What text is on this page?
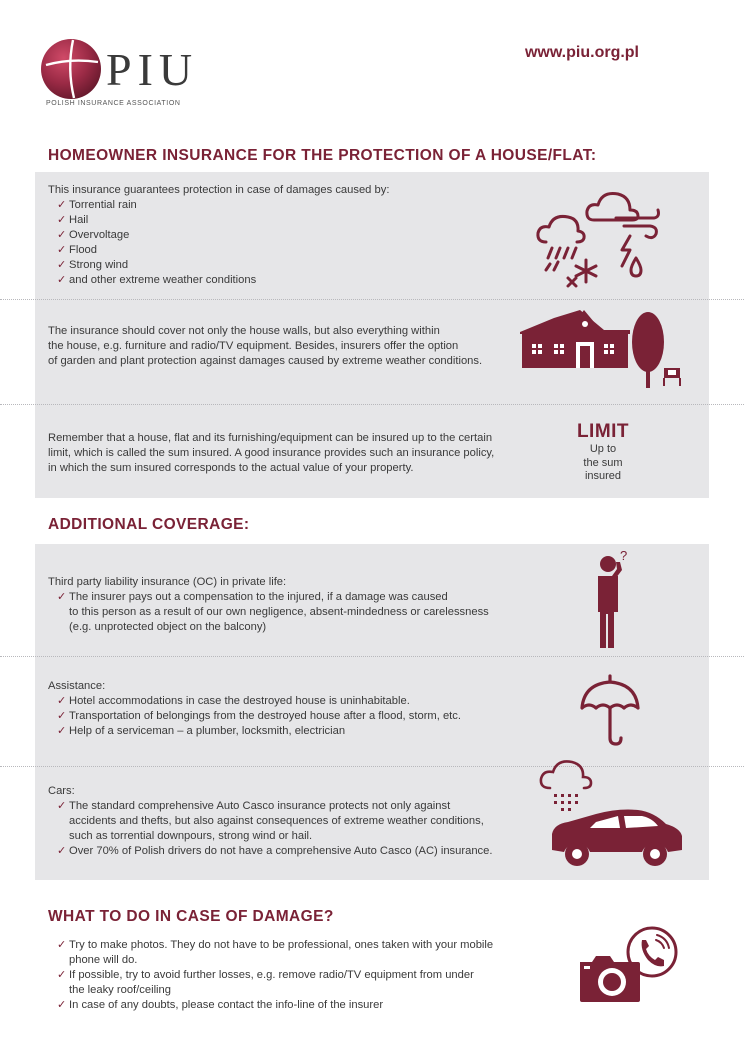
PIU
POLISH INSURANCE ASSOCIATION
www.piu.org.pl
HOMEOWNER INSURANCE FOR THE PROTECTION OF A HOUSE/FLAT:
This insurance guarantees protection in case of damages caused by:
✓ Torrential rain
✓ Hail
✓ Overvoltage
✓ Flood
✓ Strong wind
✓ and other extreme weather conditions
The insurance should cover not only the house walls, but also everything within
the house, e.g. furniture and radio/TV equipment. Besides, insurers offer the option
of garden and plant protection against damages caused by extreme weather conditions.
Remember that a house, flat and its furnishing/equipment can be insured up to the certain
limit, which is called the sum insured. A good insurance provides such an insurance policy,
in which the sum insured corresponds to the actual value of your property.
LIMIT
Up to
the sum
insured
ADDITIONAL COVERAGE:
Third party liability insurance (OC) in private life:
✓ The insurer pays out a compensation to the injured, if a damage was caused
to this person as a result of our own negligence, absent-mindedness or carelessness
(e.g. unprotected object on the balcony)
?
Assistance:
✓ Hotel accommodations in case the destroyed house is uninhabitable.
✓ Transportation of belongings from the destroyed house after a flood, storm, etc.
✓ Help of a serviceman – a plumber, locksmith, electrician
Cars:
✓ The standard comprehensive Auto Casco insurance protects not only against
accidents and thefts, but also against consequences of extreme weather conditions,
such as torrential downpours, strong wind or hail.
✓ Over 70% of Polish drivers do not have a comprehensive Auto Casco (AC) insurance.
WHAT TO DO IN CASE OF DAMAGE?
✓ Try to make photos. They do not have to be professional, ones taken with your mobile
phone will do.
✓ If possible, try to avoid further losses, e.g. remove radio/TV equipment from under
the leaky roof/ceiling
✓ In case of any doubts, please contact the info-line of the insurer
